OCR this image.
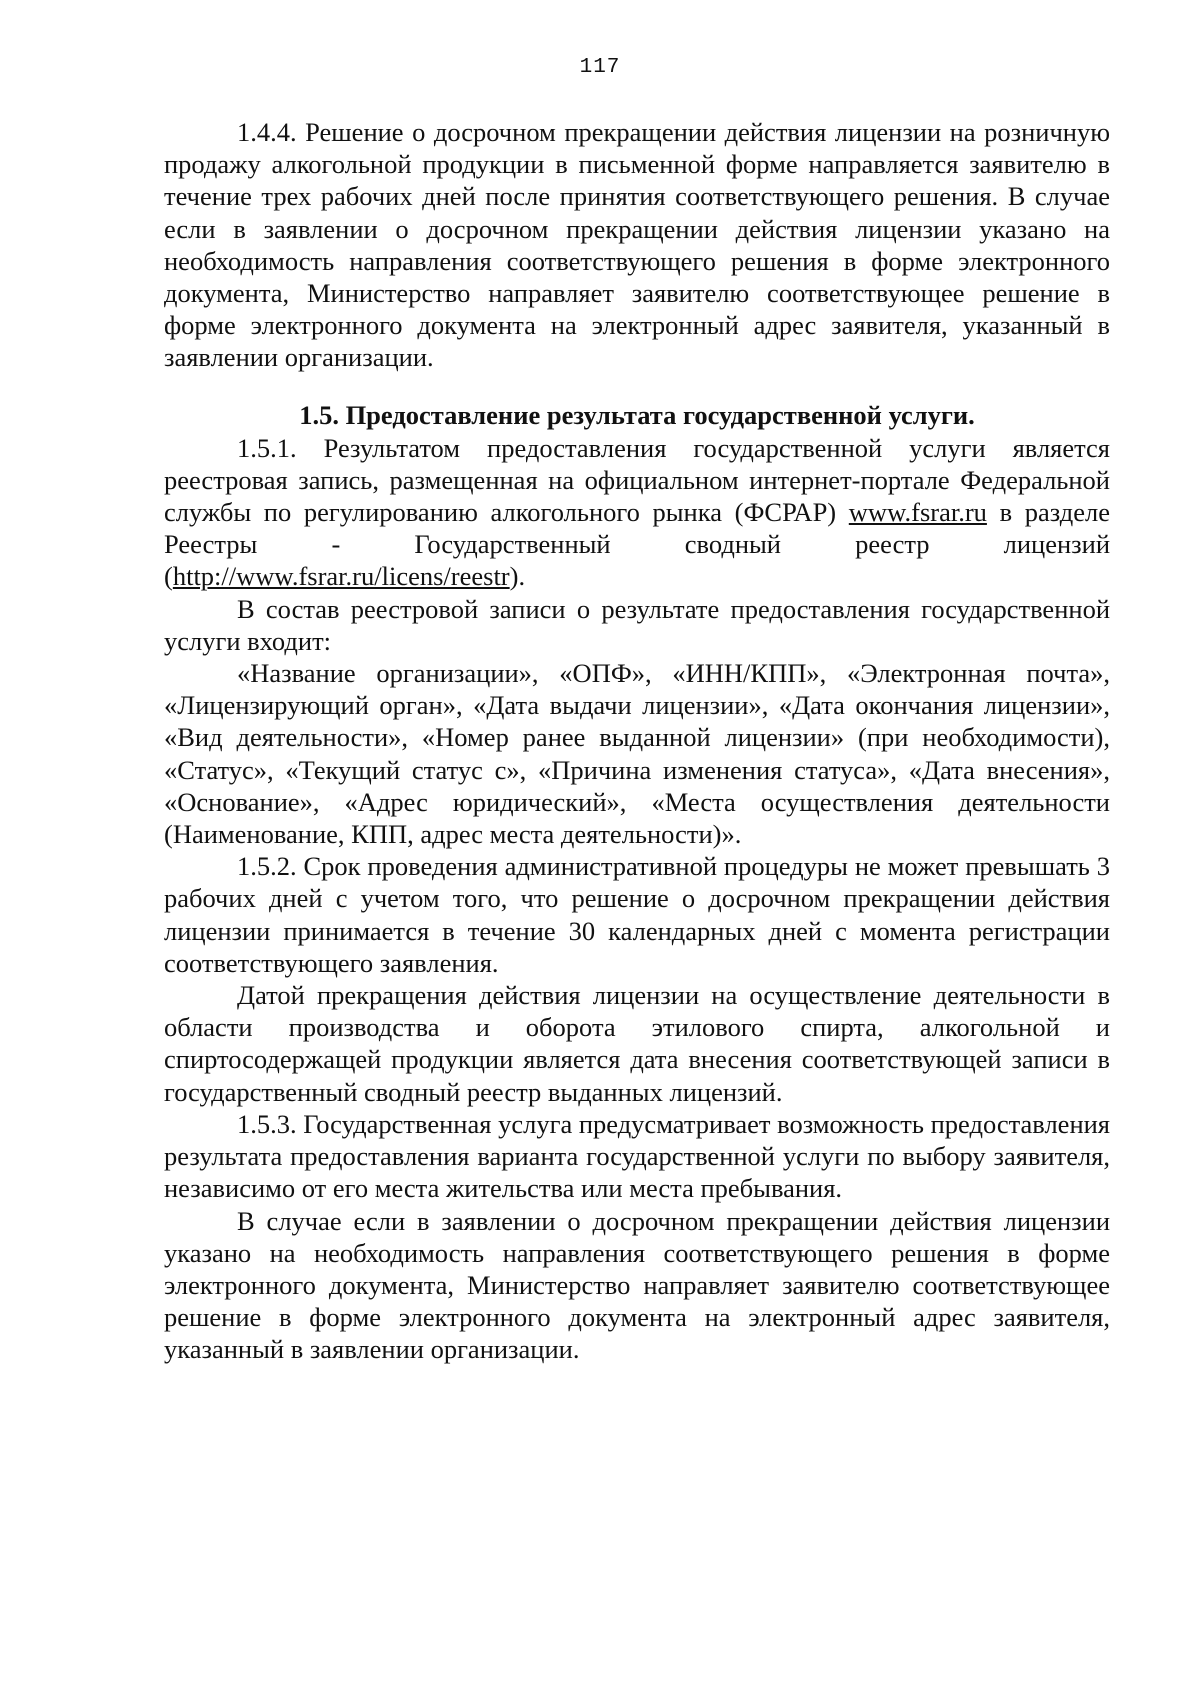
117

1.4.4. Решение о досрочном прекращении действия лицензии на розничную продажу алкогольной продукции в письменной форме направляется заявителю в течение трех рабочих дней после принятия соответствующего решения. В случае если в заявлении о досрочном прекращении действия лицензии указано на необходимость направления соответствующего решения в форме электронного документа, Министерство направляет заявителю соответствующее решение в форме электронного документа на электронный адрес заявителя, указанный в заявлении организации.

1.5. Предоставление результата государственной услуги.

1.5.1. Результатом предоставления государственной услуги является реестровая запись, размещенная на официальном интернет-портале Федеральной службы по регулированию алкогольного рынка (ФСРАР) www.fsrar.ru в разделе Реестры - Государственный сводный реестр лицензий (http://www.fsrar.ru/licens/reestr).

В состав реестровой записи о результате предоставления государственной услуги входит:

«Название организации», «ОПФ», «ИНН/КПП», «Электронная почта», «Лицензирующий орган», «Дата выдачи лицензии», «Дата окончания лицензии», «Вид деятельности», «Номер ранее выданной лицензии» (при необходимости), «Статус», «Текущий статус с», «Причина изменения статуса», «Дата внесения», «Основание», «Адрес юридический», «Места осуществления деятельности (Наименование, КПП, адрес места деятельности)».

1.5.2. Срок проведения административной процедуры не может превышать 3 рабочих дней с учетом того, что решение о досрочном прекращении действия лицензии принимается в течение 30 календарных дней с момента регистрации соответствующего заявления.

Датой прекращения действия лицензии на осуществление деятельности в области производства и оборота этилового спирта, алкогольной и спиртосодержащей продукции является дата внесения соответствующей записи в государственный сводный реестр выданных лицензий.

1.5.3. Государственная услуга предусматривает возможность предоставления результата предоставления варианта государственной услуги по выбору заявителя, независимо от его места жительства или места пребывания.

В случае если в заявлении о досрочном прекращении действия лицензии указано на необходимость направления соответствующего решения в форме электронного документа, Министерство направляет заявителю соответствующее решение в форме электронного документа на электронный адрес заявителя, указанный в заявлении организации.
